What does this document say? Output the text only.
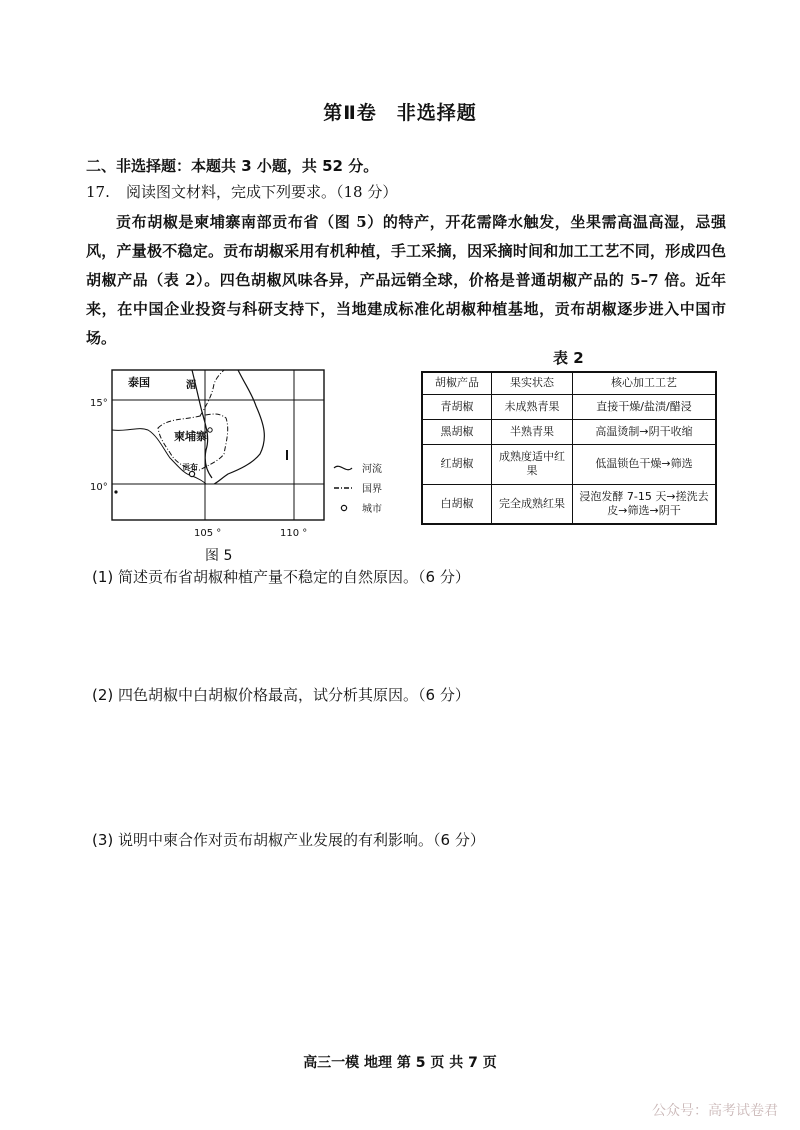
第Ⅱ卷　非选择题
二、非选择题：本题共 3 小题，共 52 分。
17. 阅读图文材料，完成下列要求。（18 分）
贡布胡椒是柬埔寨南部贡布省（图 5）的特产，开花需降水触发，坐果需高温高湿，忌强风，产量极不稳定。贡布胡椒采用有机种植，手工采摘，因采摘时间和加工工艺不同，形成四色胡椒产品（表 2）。四色胡椒风味各异，产品远销全球，价格是普通胡椒产品的 5–7 倍。近年来，在中国企业投资与科研支持下，当地建成标准化胡椒种植基地，贡布胡椒逐步进入中国市场。
泰国	湄
柬埔寨
贡布
15°
10°
105 °	110 °
河流
国界
城市
图 5
表 2
胡椒产品	果实状态	核心加工工艺
青胡椒	未成熟青果	直接干燥/盐渍/醋浸
黑胡椒	半熟青果	高温烫制→阴干收缩
红胡椒	成熟度适中红果	低温锁色干燥→筛选
白胡椒	完全成熟红果	浸泡发酵 7-15 天→搓洗去皮→筛选→阴干
(1) 简述贡布省胡椒种植产量不稳定的自然原因。（6 分）
(2) 四色胡椒中白胡椒价格最高，试分析其原因。（6 分）
(3) 说明中柬合作对贡布胡椒产业发展的有利影响。（6 分）
高三一模 地理 第 5 页 共 7 页
公众号：高考试卷君
